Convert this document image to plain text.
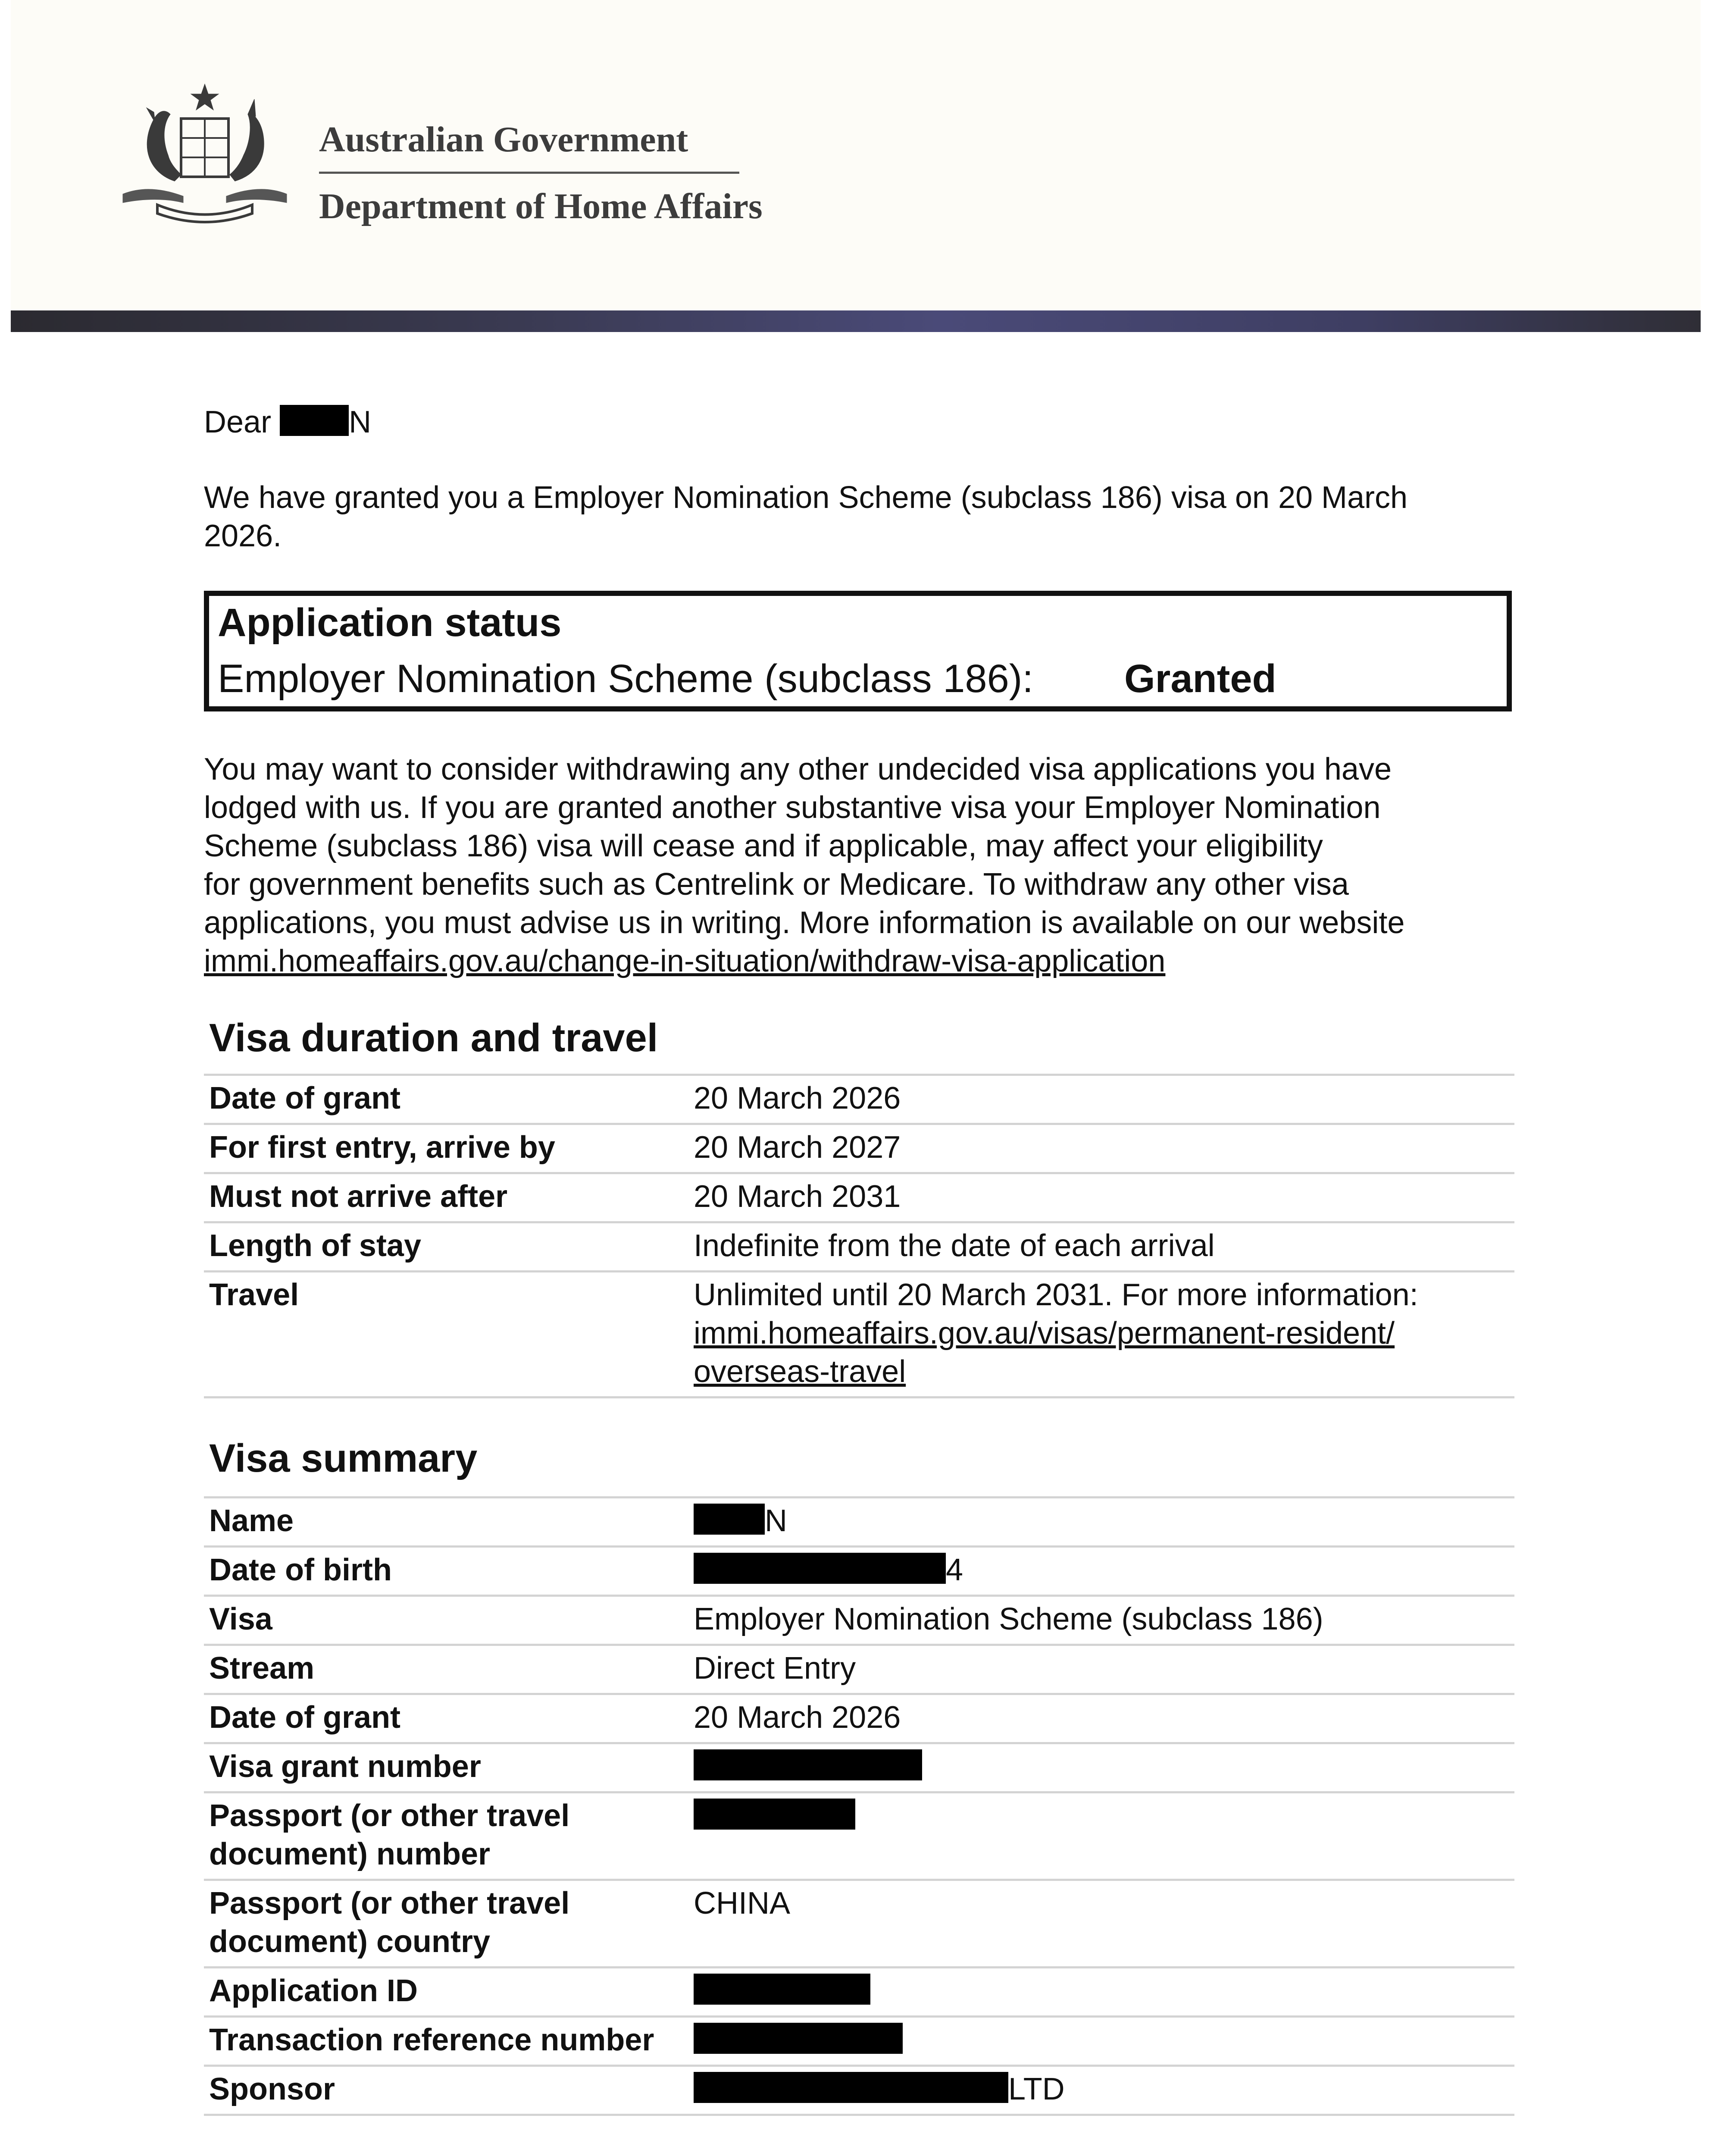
Australian Government
Department of Home Affairs
Dear	N
We have granted you a Employer Nomination Scheme (subclass 186) visa on 20 March
2026.
Application status
Employer Nomination Scheme (subclass 186): Granted
You may want to consider withdrawing any other undecided visa applications you have
lodged with us. If you are granted another substantive visa your Employer Nomination
Scheme (subclass 186) visa will cease and if applicable, may affect your eligibility
for government benefits such as Centrelink or Medicare. To withdraw any other visa
applications, you must advise us in writing. More information is available on our website
immi.homeaffairs.gov.au/change-in-situation/withdraw-visa-application
Visa duration and travel
Date of grant	20 March 2026
For first entry, arrive by	20 March 2027
Must not arrive after	20 March 2031
Length of stay	Indefinite from the date of each arrival
Travel	Unlimited until 20 March 2031. For more information:
immi.homeaffairs.gov.au/visas/permanent-resident/
overseas-travel
Visa summary
Name	N
Date of birth	4
Visa	Employer Nomination Scheme (subclass 186)
Stream	Direct Entry
Date of grant	20 March 2026
Visa grant number	

Passport (or other travel
document) number	

Passport (or other travel
document) country	CHINA
Application ID	
Transaction reference number	
Sponsor	LTD
